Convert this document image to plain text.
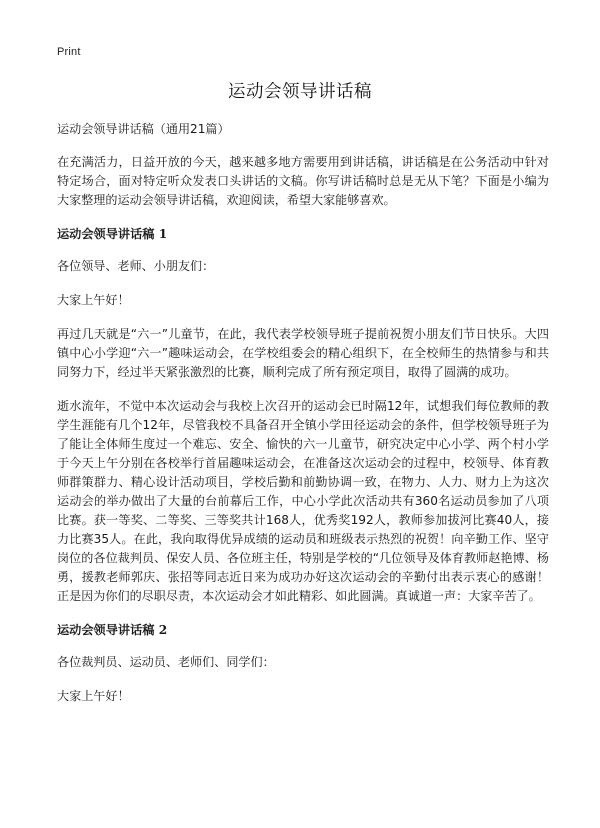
Print
运动会领导讲话稿

运动会领导讲话稿（通用21篇）

在充满活力，日益开放的今天，越来越多地方需要用到讲话稿，讲话稿是在公务活动中针对特定场合，面对特定听众发表口头讲话的文稿。你写讲话稿时总是无从下笔？下面是小编为大家整理的运动会领导讲话稿，欢迎阅读，希望大家能够喜欢。

运动会领导讲话稿 1

各位领导、老师、小朋友们：

大家上午好！

再过几天就是“六一”儿童节，在此，我代表学校领导班子提前祝贺小朋友们节日快乐。大四镇中心小学迎“六一”趣味运动会，在学校组委会的精心组织下，在全校师生的热情参与和共同努力下，经过半天紧张激烈的比赛，顺利完成了所有预定项目，取得了圆满的成功。

逝水流年，不觉中本次运动会与我校上次召开的运动会已时隔12年，试想我们每位教师的教学生涯能有几个12年，尽管我校不具备召开全镇小学田径运动会的条件，但学校领导班子为了能让全体师生度过一个难忘、安全、愉快的六一儿童节，研究决定中心小学、两个村小学于今天上午分别在各校举行首届趣味运动会，在准备这次运动会的过程中，校领导、体育教师群策群力、精心设计活动项目，学校后勤和前勤协调一致，在物力、人力、财力上为这次运动会的举办做出了大量的台前幕后工作，中心小学此次活动共有360名运动员参加了八项比赛。获一等奖、二等奖、三等奖共计168人，优秀奖192人，教师参加拔河比赛40人，接力比赛35人。在此，我向取得优异成绩的运动员和班级表示热烈的祝贺！向辛勤工作、坚守岗位的各位裁判员、保安人员、各位班主任，特别是学校的“几位领导及体育教师赵艳博、杨勇，援教老师郭庆、张招等同志近日来为成功办好这次运动会的辛勤付出表示衷心的感谢！正是因为你们的尽职尽责，本次运动会才如此精彩、如此圆满。真诚道一声：大家辛苦了。

运动会领导讲话稿 2

各位裁判员、运动员、老师们、同学们：

大家上午好！
